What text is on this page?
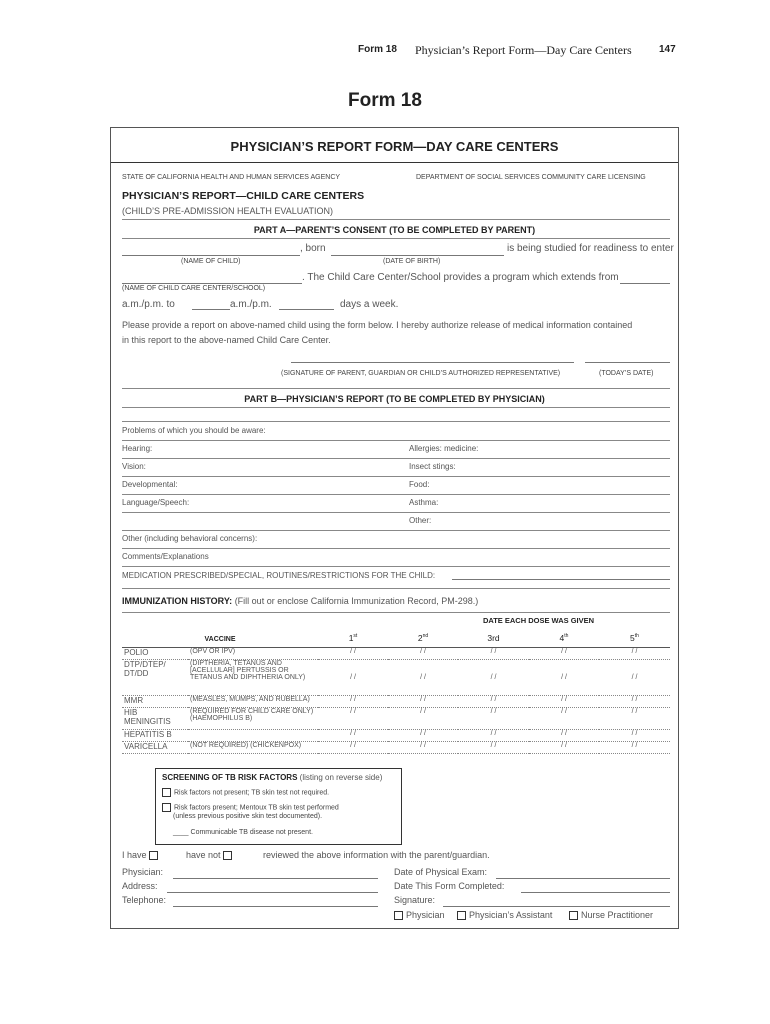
Form 18 Physician’s Report Form—Day Care Centers	147
Form 18
PHYSICIAN’S REPORT FORM—DAY CARE CENTERS
STATE OF CALIFORNIA HEALTH AND HUMAN SERVICES AGENCY	DEPARTMENT OF SOCIAL SERVICES COMMUNITY CARE LICENSING
PHYSICIAN’S REPORT—CHILD CARE CENTERS
(CHILD’S PRE-ADMISSION HEALTH EVALUATION)
PART A—PARENT’S CONSENT (TO BE COMPLETED BY PARENT)
, born	is being studied for readiness to enter
(NAME OF CHILD)	(DATE OF BIRTH)
. The Child Care Center/School provides a program which extends from
(NAME OF CHILD CARE CENTER/SCHOOL)
a.m./p.m. to	a.m./p.m.	days a week.
Please provide a report on above-named child using the form below. I hereby authorize release of medical information contained
in this report to the above-named Child Care Center.
(SIGNATURE OF PARENT, GUARDIAN OR CHILD’S AUTHORIZED REPRESENTATIVE)	(TODAY’S DATE)
PART B—PHYSICIAN’S REPORT (TO BE COMPLETED BY PHYSICIAN)
Problems of which you should be aware:
Hearing:	Allergies: medicine:
Vision:	Insect stings:
Developmental:	Food:
Language/Speech:	Asthma:
Other:
Other (including behavioral concerns):
Comments/Explanations
MEDICATION PRESCRIBED/SPECIAL, ROUTINES/RESTRICTIONS FOR THE CHILD:
IMMUNIZATION HISTORY: (Fill out or enclose California Immunization Record, PM-298.)
DATE EACH DOSE WAS GIVEN
VACCINE		1st	2nd	3rd	4th	5th
POLIO	(OPV OR IPV)	/ /	/ /	/ /	/ /	/ /
DTP/DTEP/ DT/DD	(DIPTHERIA, TETANUS AND [ACELLULAR] PERTUSSIS OR TETANUS AND DIPHTHERIA ONLY)	/ /	/ /	/ /	/ /	/ /
MMR	(MEASLES, MUMPS, AND RUBELLA)	/ /	/ /	/ /	/ /	/ /
HIB MENINGITIS	(REQUIRED FOR CHILD CARE ONLY) (HAEMOPHILUS B)	/ /	/ /	/ /	/ /	/ /
HEPATITIS B		/ /	/ /	/ /	/ /	/ /
VARICELLA	(NOT REQUIRED) (CHICKENPOX)	/ /	/ /	/ /	/ /	/ /
SCREENING OF TB RISK FACTORS (listing on reverse side)
Risk factors not present; TB skin test not required.
Risk factors present; Mentoux TB skin test performed
(unless previous positive skin test documented).
____ Communicable TB disease not present.
I have	have not	reviewed the above information with the parent/guardian.
Physician:	Date of Physical Exam:
Address:	Date This Form Completed:
Telephone:	Signature:
Physician	Physician’s Assistant	Nurse Practitioner
